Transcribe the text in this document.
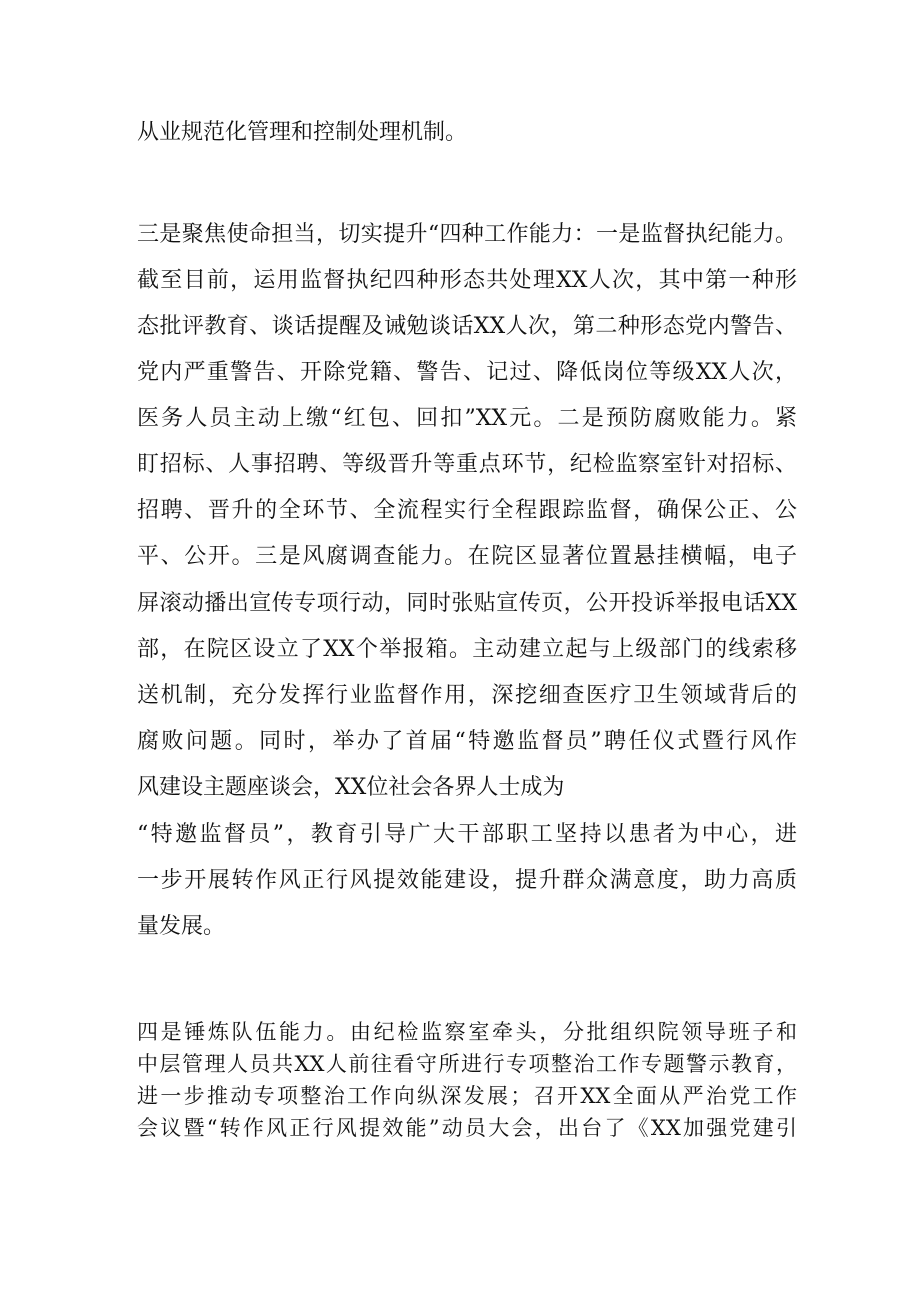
从业规范化管理和控制处理机制。
三是聚焦使命担当，切实提升“四种工作能力：一是监督执纪能力。
截至目前，运用监督执纪四种形态共处理XX人次，其中第一种形
态批评教育、谈话提醒及诫勉谈话XX人次，第二种形态党内警告、
党内严重警告、开除党籍、警告、记过、降低岗位等级XX人次，
医务人员主动上缴“红包、回扣”XX元。二是预防腐败能力。紧
盯招标、人事招聘、等级晋升等重点环节，纪检监察室针对招标、
招聘、晋升的全环节、全流程实行全程跟踪监督，确保公正、公
平、公开。三是风腐调查能力。在院区显著位置悬挂横幅，电子
屏滚动播出宣传专项行动，同时张贴宣传页，公开投诉举报电话XX
部，在院区设立了XX个举报箱。主动建立起与上级部门的线索移
送机制，充分发挥行业监督作用，深挖细查医疗卫生领域背后的
腐败问题。同时，举办了首届“特邀监督员”聘任仪式暨行风作
风建设主题座谈会，XX位社会各界人士成为
“特邀监督员”，教育引导广大干部职工坚持以患者为中心，进
一步开展转作风正行风提效能建设，提升群众满意度，助力高质
量发展。
四是锤炼队伍能力。由纪检监察室牵头，分批组织院领导班子和
中层管理人员共XX人前往看守所进行专项整治工作专题警示教育，
进一步推动专项整治工作向纵深发展；召开XX全面从严治党工作
会议暨“转作风正行风提效能”动员大会，出台了《XX加强党建引
